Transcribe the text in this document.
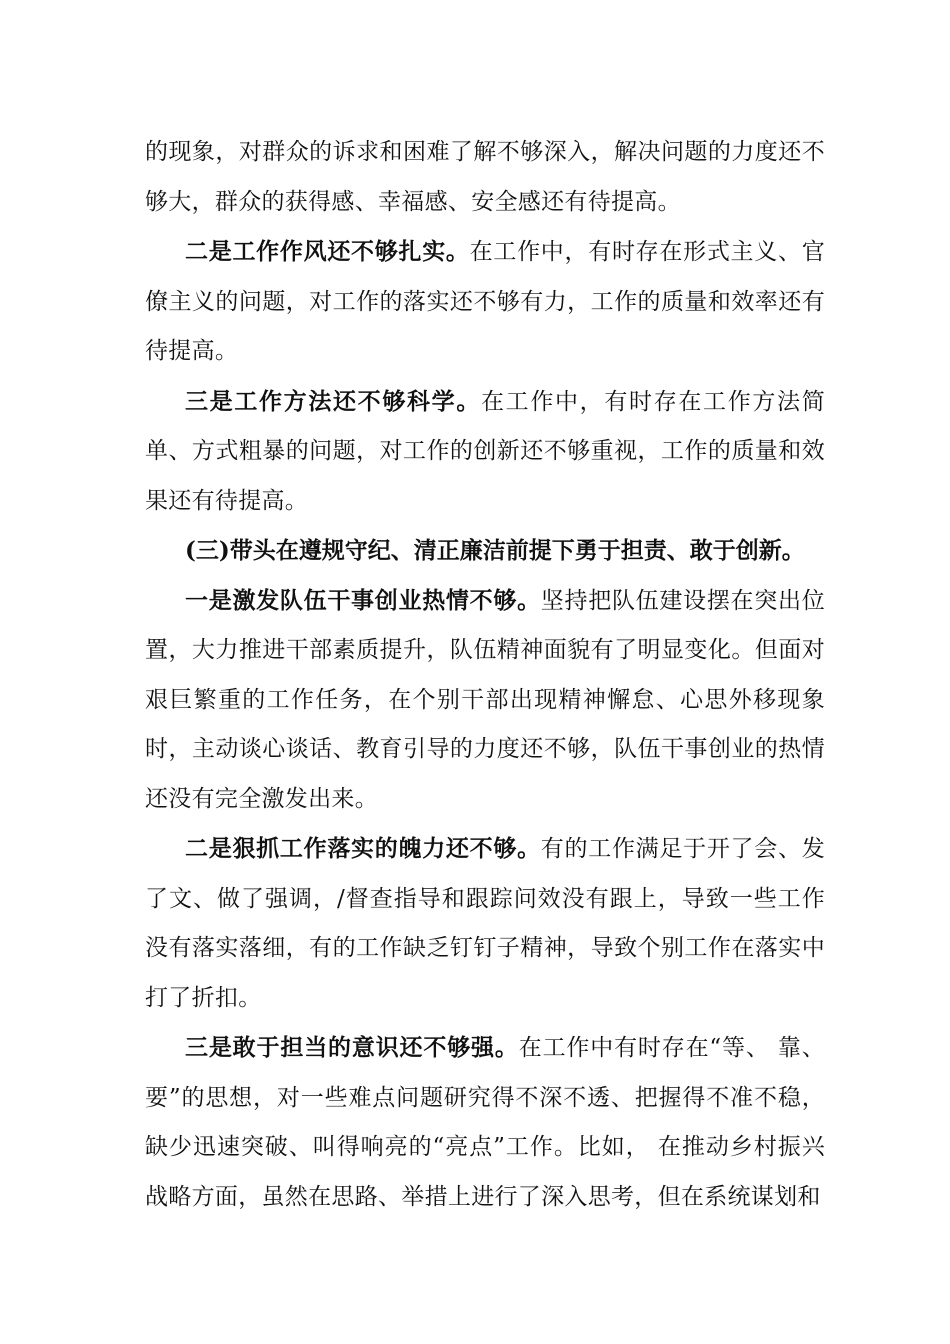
的现象，对群众的诉求和困难了解不够深入，解决问题的力度还不够大，群众的获得感、幸福感、安全感还有待提高。

二是工作作风还不够扎实。在工作中，有时存在形式主义、官僚主义的问题，对工作的落实还不够有力，工作的质量和效率还有待提高。

三是工作方法还不够科学。在工作中，有时存在工作方法简单、方式粗暴的问题，对工作的创新还不够重视，工作的质量和效果还有待提高。

(三)带头在遵规守纪、清正廉洁前提下勇于担责、敢于创新。

一是激发队伍干事创业热情不够。坚持把队伍建设摆在突出位置，大力推进干部素质提升，队伍精神面貌有了明显变化。但面对艰巨繁重的工作任务，在个别干部出现精神懈怠、心思外移现象时，主动谈心谈话、教育引导的力度还不够，队伍干事创业的热情还没有完全激发出来。

二是狠抓工作落实的魄力还不够。有的工作满足于开了会、发了文、做了强调，/督查指导和跟踪问效没有跟上，导致一些工作没有落实落细，有的工作缺乏钉钉子精神，导致个别工作在落实中打了折扣。

三是敢于担当的意识还不够强。在工作中有时存在“等、 靠、要”的思想，对一些难点问题研究得不深不透、把握得不准不稳，缺少迅速突破、叫得响亮的“亮点”工作。比如， 在推动乡村振兴战略方面，虽然在思路、举措上进行了深入思考，但在系统谋划和
